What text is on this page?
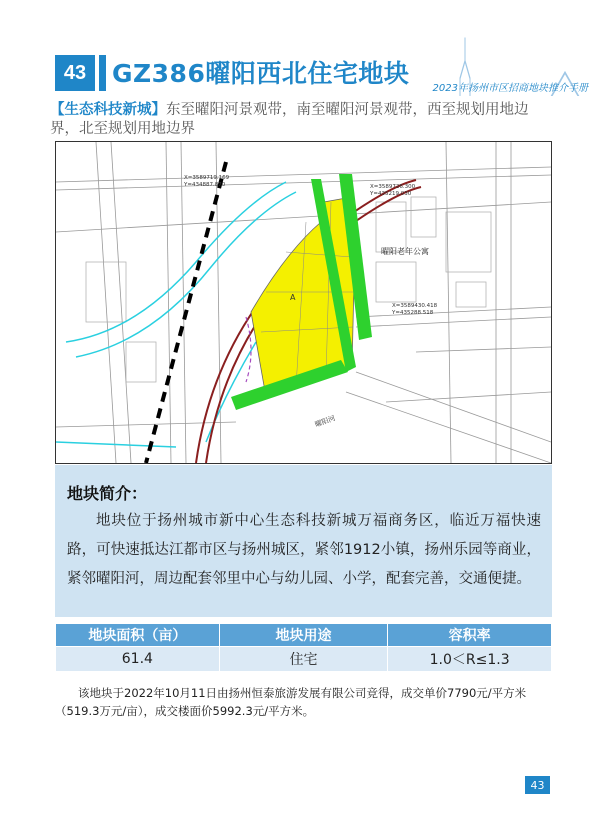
43	GZ386曜阳西北住宅地块
2023年扬州市区招商地块推介手册
【生态科技新城】东至曜阳河景观带，南至曜阳河景观带，西至规划用地边界，北至规划用地边界
曜阳河
A
曜阳老年公寓
X=3589719.169 Y=434887.870	X=3589726.300 Y=435219.030
X=3589430.418 Y=435288.518
地块简介：
地块位于扬州城市新中心生态科技新城万福商务区，临近万福快速路，可快速抵达江都市区与扬州城区，紧邻1912小镇，扬州乐园等商业，紧邻曜阳河，周边配套邻里中心与幼儿园、小学，配套完善，交通便捷。
地块面积（亩）	地块用途	容积率
61.4	住宅	1.0＜R≤1.3
该地块于2022年10月11日由扬州恒泰旅游发展有限公司竞得，成交单价7790元/平方米（519.3万元/亩），成交楼面价5992.3元/平方米。
43
